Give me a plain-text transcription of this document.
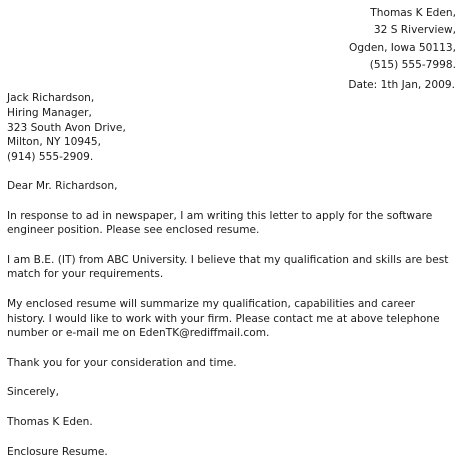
Thomas K Eden,
32 S Riverview,
Ogden, Iowa 50113,
(515) 555-7998.
Date: 1th Jan, 2009.
Jack Richardson,
Hiring Manager,
323 South Avon Drive,
Milton, NY 10945,
(914) 555-2909.

Dear Mr. Richardson,

In response to ad in newspaper, I am writing this letter to apply for the software engineer position. Please see enclosed resume.

I am B.E. (IT) from ABC University. I believe that my qualification and skills are best match for your requirements.

My enclosed resume will summarize my qualification, capabilities and career history. I would like to work with your firm. Please contact me at above telephone number or e-mail me on EdenTK@rediffmail.com.

Thank you for your consideration and time.

Sincerely,

Thomas K Eden.

Enclosure Resume.
